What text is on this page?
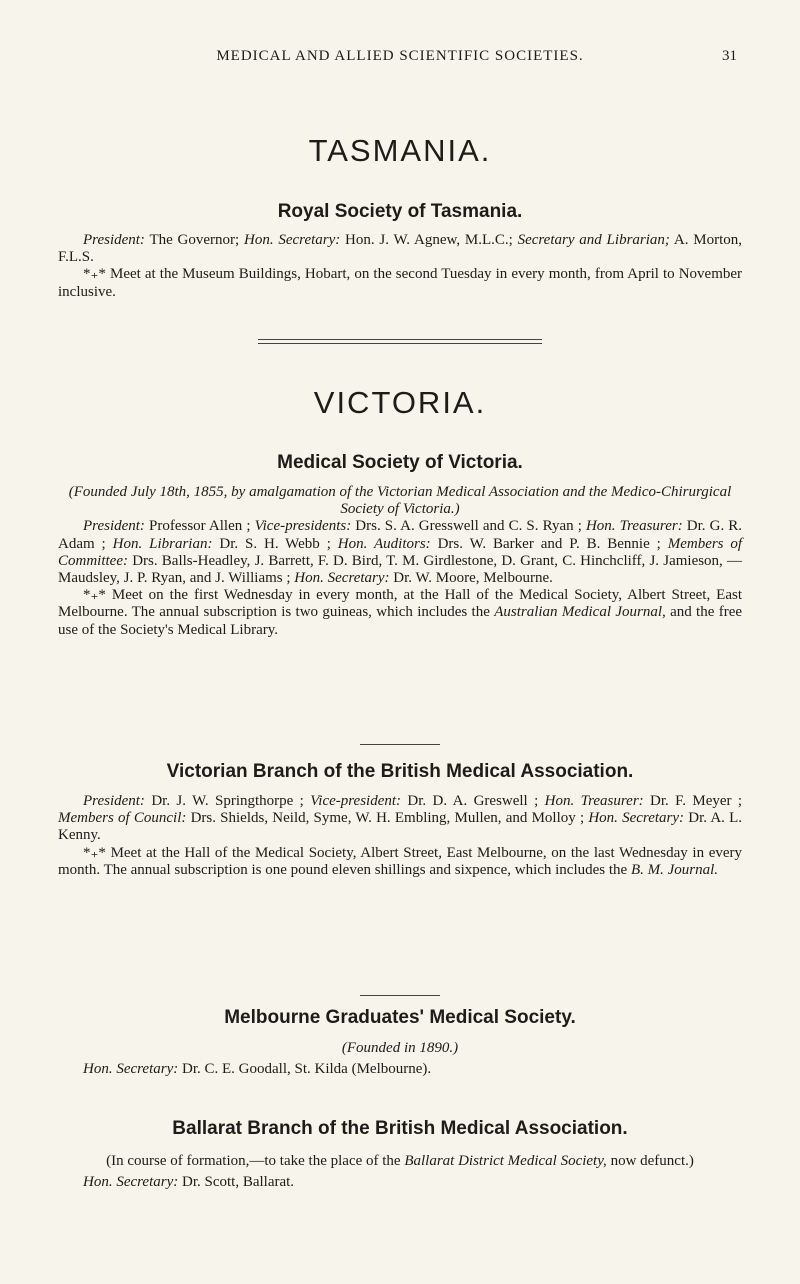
MEDICAL AND ALLIED SCIENTIFIC SOCIETIES.	31
TASMANIA.
Royal Society of Tasmania.

President: The Governor; Hon. Secretary: Hon. J. W. Agnew, M.L.C.; Secretary and Librarian; A. Morton, F.L.S.

*₊* Meet at the Museum Buildings, Hobart, on the second Tuesday in every month, from April to November inclusive.

VICTORIA.
Medical Society of Victoria.

(Founded July 18th, 1855, by amalgamation of the Victorian Medical Association and the Medico-Chirurgical Society of Victoria.)

President: Professor Allen ; Vice-presidents: Drs. S. A. Gresswell and C. S. Ryan ; Hon. Treasurer: Dr. G. R. Adam ; Hon. Librarian: Dr. S. H. Webb ; Hon. Auditors: Drs. W. Barker and P. B. Bennie ; Members of Committee: Drs. Balls-Headley, J. Barrett, F. D. Bird, T. M. Girdlestone, D. Grant, C. Hinchcliff, J. Jamieson, — Maudsley, J. P. Ryan, and J. Williams ; Hon. Secretary: Dr. W. Moore, Melbourne.

*₊* Meet on the first Wednesday in every month, at the Hall of the Medical Society, Albert Street, East Melbourne. The annual subscription is two guineas, which includes the Australian Medical Journal, and the free use of the Society's Medical Library.

Victorian Branch of the British Medical Association.

President: Dr. J. W. Springthorpe ; Vice-president: Dr. D. A. Greswell ; Hon. Treasurer: Dr. F. Meyer ; Members of Council: Drs. Shields, Neild, Syme, W. H. Embling, Mullen, and Molloy ; Hon. Secretary: Dr. A. L. Kenny.

*₊* Meet at the Hall of the Medical Society, Albert Street, East Melbourne, on the last Wednesday in every month. The annual subscription is one pound eleven shillings and sixpence, which includes the B. M. Journal.

Melbourne Graduates' Medical Society.

(Founded in 1890.)

Hon. Secretary: Dr. C. E. Goodall, St. Kilda (Melbourne).

Ballarat Branch of the British Medical Association.

(In course of formation,—to take the place of the Ballarat District Medical Society, now defunct.)

Hon. Secretary: Dr. Scott, Ballarat.
